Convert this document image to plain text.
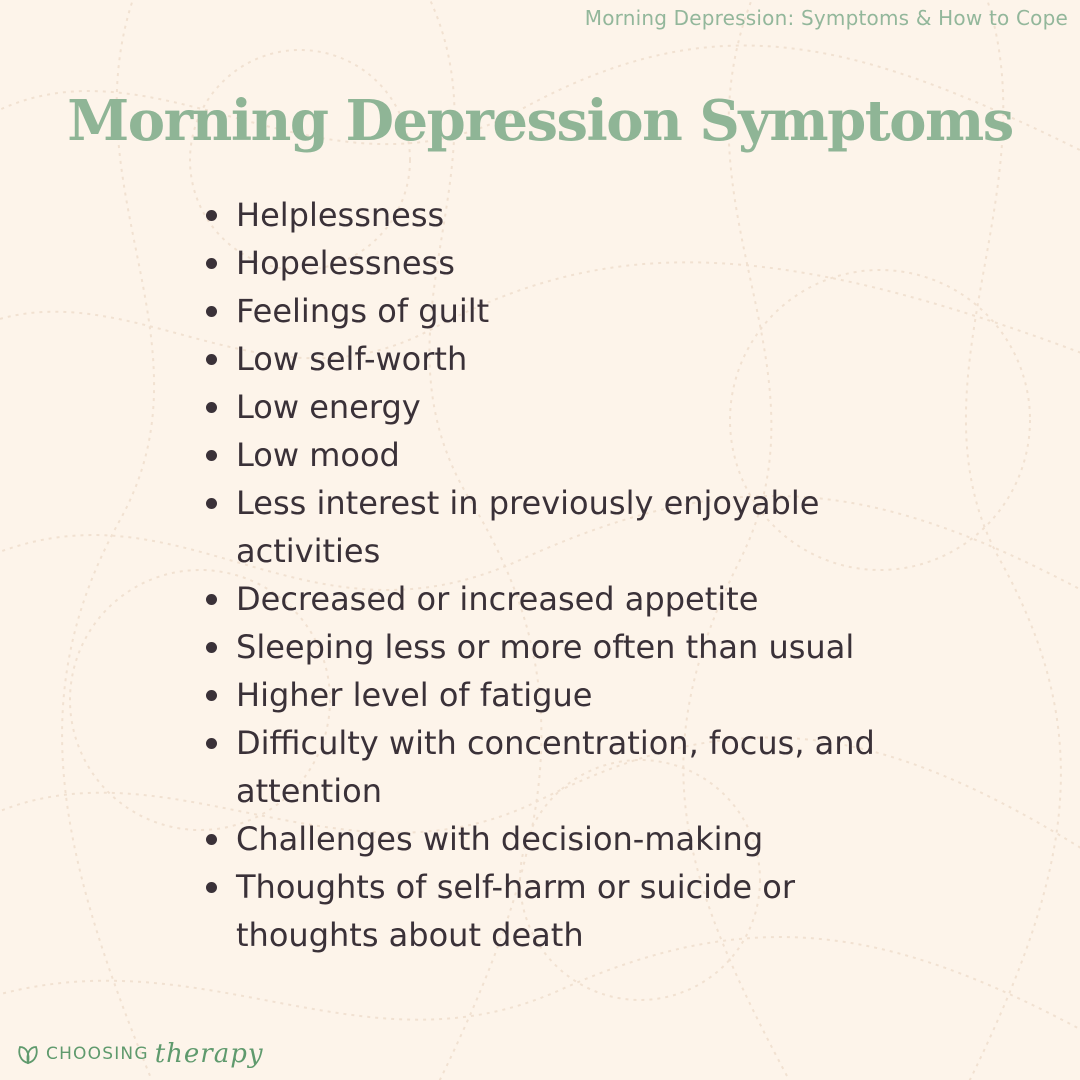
Morning Depression: Symptoms & How to Cope
Morning Depression Symptoms
Helplessness
Hopelessness
Feelings of guilt
Low self-worth
Low energy
Low mood
Less interest in previously enjoyable activities
Decreased or increased appetite
Sleeping less or more often than usual
Higher level of fatigue
Difficulty with concentration, focus, and attention
Challenges with decision-making
Thoughts of self-harm or suicide or thoughts about death
CHOOSING therapy
